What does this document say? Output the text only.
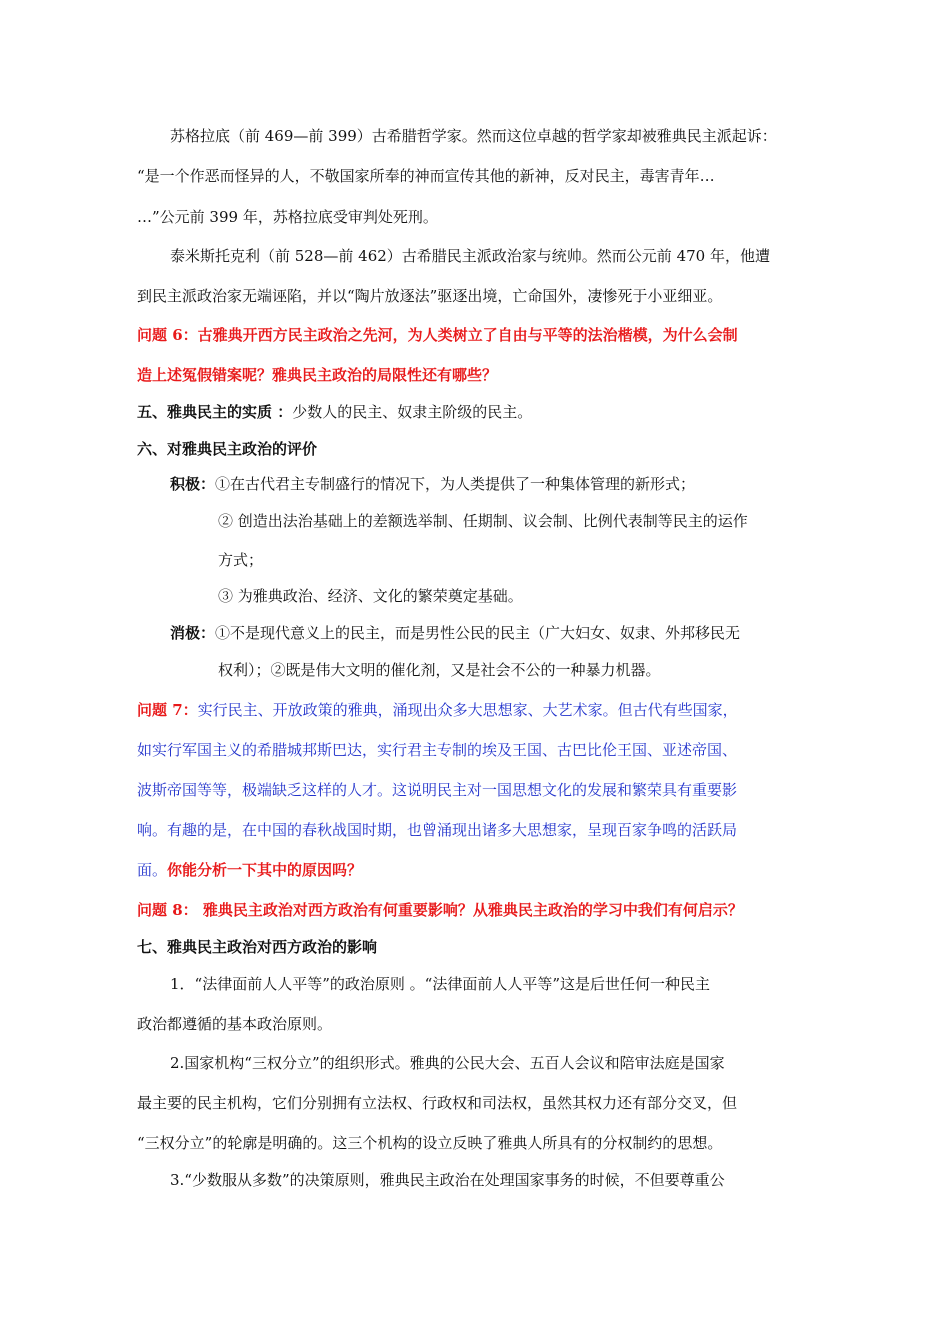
苏格拉底（前 469—前 399）古希腊哲学家。然而这位卓越的哲学家却被雅典民主派起诉：
“是一个作恶而怪异的人，不敬国家所奉的神而宣传其他的新神，反对民主，毒害青年…
…”公元前 399 年，苏格拉底受审判处死刑。
泰米斯托克利（前 528—前 462）古希腊民主派政治家与统帅。然而公元前 470 年，他遭
到民主派政治家无端诬陷，并以“陶片放逐法”驱逐出境，亡命国外，凄惨死于小亚细亚。
问题 6：古雅典开西方民主政治之先河，为人类树立了自由与平等的法治楷模，为什么会制
造上述冤假错案呢？雅典民主政治的局限性还有哪些？
五、雅典民主的实质 ：少数人的民主、奴隶主阶级的民主。
六、对雅典民主政治的评价
积极：①在古代君主专制盛行的情况下，为人类提供了一种集体管理的新形式；
② 创造出法治基础上的差额选举制、任期制、议会制、比例代表制等民主的运作
方式；
③ 为雅典政治、经济、文化的繁荣奠定基础。
消极：①不是现代意义上的民主，而是男性公民的民主（广大妇女、奴隶、外邦移民无
权利）；②既是伟大文明的催化剂，又是社会不公的一种暴力机器。
问题 7：实行民主、开放政策的雅典，涌现出众多大思想家、大艺术家。但古代有些国家，
如实行军国主义的希腊城邦斯巴达，实行君主专制的埃及王国、古巴比伦王国、亚述帝国、
波斯帝国等等，极端缺乏这样的人才。这说明民主对一国思想文化的发展和繁荣具有重要影
响。有趣的是，在中国的春秋战国时期，也曾涌现出诸多大思想家，呈现百家争鸣的活跃局
面。你能分析一下其中的原因吗？
问题 8： 雅典民主政治对西方政治有何重要影响？从雅典民主政治的学习中我们有何启示？
七、雅典民主政治对西方政治的影响
1．“法律面前人人平等”的政治原则 。“法律面前人人平等”这是后世任何一种民主
政治都遵循的基本政治原则。
2.国家机构“三权分立”的组织形式。雅典的公民大会、五百人会议和陪审法庭是国家
最主要的民主机构，它们分别拥有立法权、行政权和司法权，虽然其权力还有部分交叉，但
“三权分立”的轮廓是明确的。这三个机构的设立反映了雅典人所具有的分权制约的思想。
3.“少数服从多数”的决策原则，雅典民主政治在处理国家事务的时候，不但要尊重公
